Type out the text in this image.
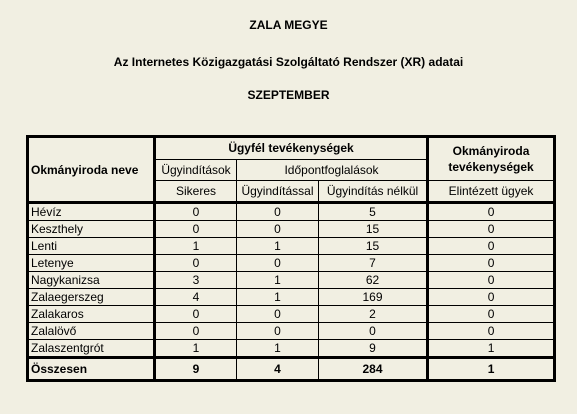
ZALA MEGYE
Az Internetes Közigazgatási Szolgáltató Rendszer (XR) adatai
SZEPTEMBER
Okmányiroda neve	Ügyfél tevékenységek			Okmányiroda tevékenységek
	Ügyindítások	Időpontfoglalások		
	Sikeres	Ügyindítással	Ügyindítás nélkül	Elintézett ügyek
Hévíz	0	0	5	0
Keszthely	0	0	15	0
Lenti	1	1	15	0
Letenye	0	0	7	0
Nagykanizsa	3	1	62	0
Zalaegerszeg	4	1	169	0
Zalakaros	0	0	2	0
Zalalövő	0	0	0	0
Zalaszentgrót	1	1	9	1
Összesen	9	4	284	1
